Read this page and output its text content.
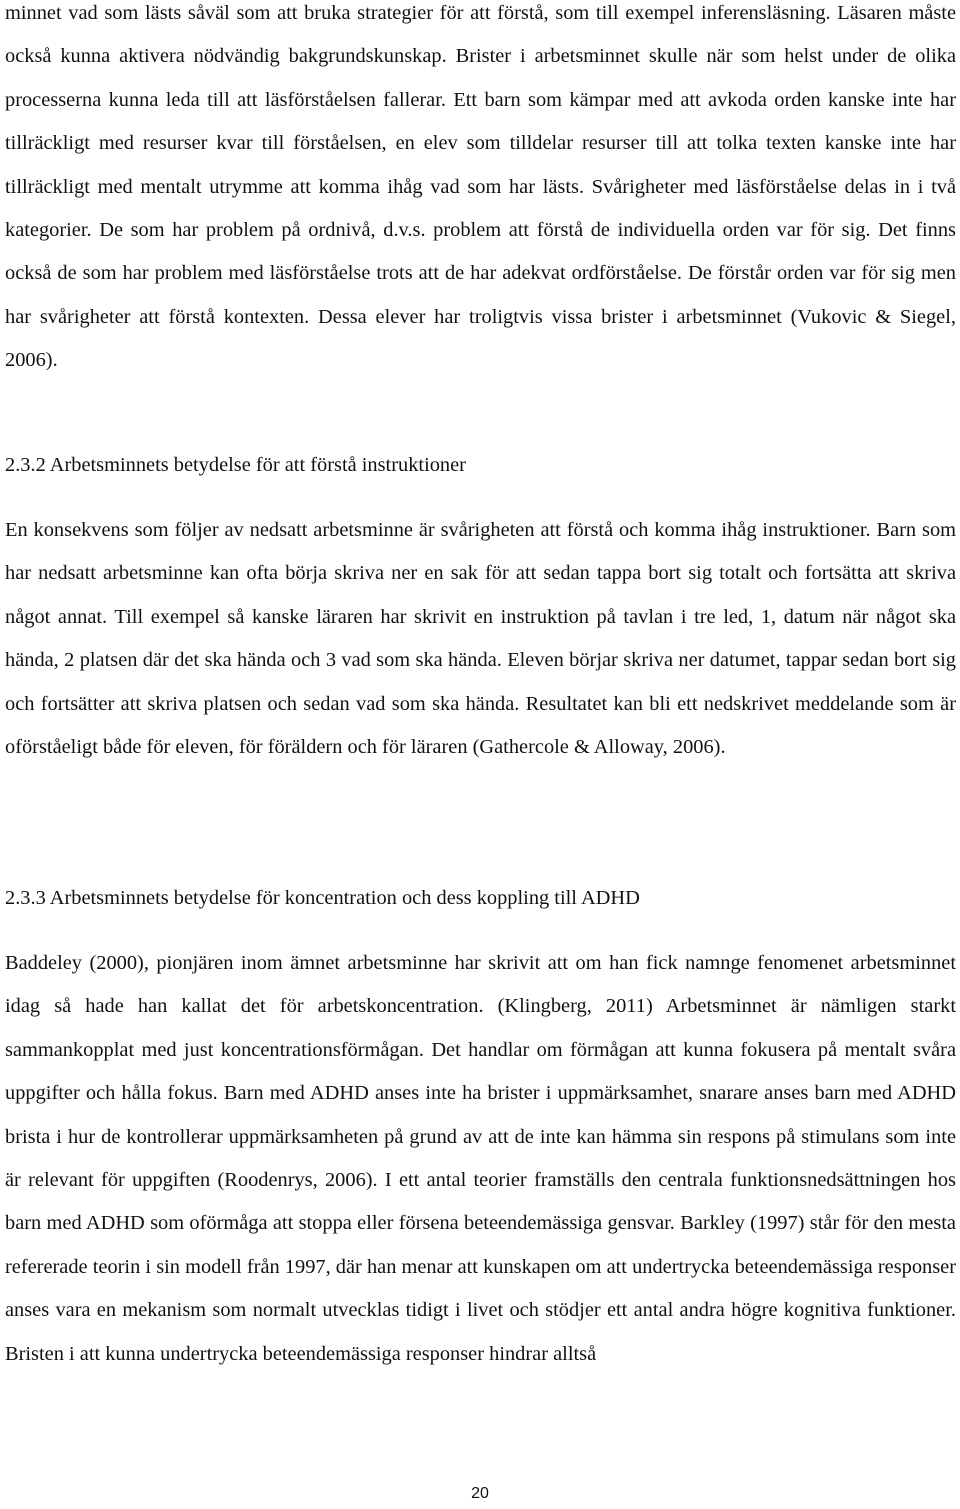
minnet vad som lästs såväl som att bruka strategier för att förstå, som till exempel inferensläsning. Läsaren måste också kunna aktivera nödvändig bakgrundskunskap. Brister i arbetsminnet skulle när som helst under de olika processerna kunna leda till att läsförståelsen fallerar. Ett barn som kämpar med att avkoda orden kanske inte har tillräckligt med resurser kvar till förståelsen, en elev som tilldelar resurser till att tolka texten kanske inte har tillräckligt med mentalt utrymme att komma ihåg vad som har lästs. Svårigheter med läsförståelse delas in i två kategorier. De som har problem på ordnivå, d.v.s. problem att förstå de individuella orden var för sig. Det finns också de som har problem med läsförståelse trots att de har adekvat ordförståelse. De förstår orden var för sig men har svårigheter att förstå kontexten. Dessa elever har troligtvis vissa brister i arbetsminnet (Vukovic & Siegel, 2006).

2.3.2 Arbetsminnets betydelse för att förstå instruktioner

En konsekvens som följer av nedsatt arbetsminne är svårigheten att förstå och komma ihåg instruktioner. Barn som har nedsatt arbetsminne kan ofta börja skriva ner en sak för att sedan tappa bort sig totalt och fortsätta att skriva något annat. Till exempel så kanske läraren har skrivit en instruktion på tavlan i tre led, 1, datum när något ska hända, 2 platsen där det ska hända och 3 vad som ska hända. Eleven börjar skriva ner datumet, tappar sedan bort sig och fortsätter att skriva platsen och sedan vad som ska hända. Resultatet kan bli ett nedskrivet meddelande som är oförståeligt både för eleven, för föräldern och för läraren (Gathercole & Alloway, 2006).

2.3.3 Arbetsminnets betydelse för koncentration och dess koppling till ADHD

Baddeley (2000), pionjären inom ämnet arbetsminne har skrivit att om han fick namnge fenomenet arbetsminnet idag så hade han kallat det för arbetskoncentration. (Klingberg, 2011) Arbetsminnet är nämligen starkt sammankopplat med just koncentrationsförmågan. Det handlar om förmågan att kunna fokusera på mentalt svåra uppgifter och hålla fokus. Barn med ADHD anses inte ha brister i uppmärksamhet, snarare anses barn med ADHD brista i hur de kontrollerar uppmärksamheten på grund av att de inte kan hämma sin respons på stimulans som inte är relevant för uppgiften (Roodenrys, 2006). I ett antal teorier framställs den centrala funktionsnedsättningen hos barn med ADHD som oförmåga att stoppa eller försena beteendemässiga gensvar. Barkley (1997) står för den mesta refererade teorin i sin modell från 1997, där han menar att kunskapen om att undertrycka beteendemässiga responser anses vara en mekanism som normalt utvecklas tidigt i livet och stödjer ett antal andra högre kognitiva funktioner. Bristen i att kunna undertrycka beteendemässiga responser hindrar alltså

20
